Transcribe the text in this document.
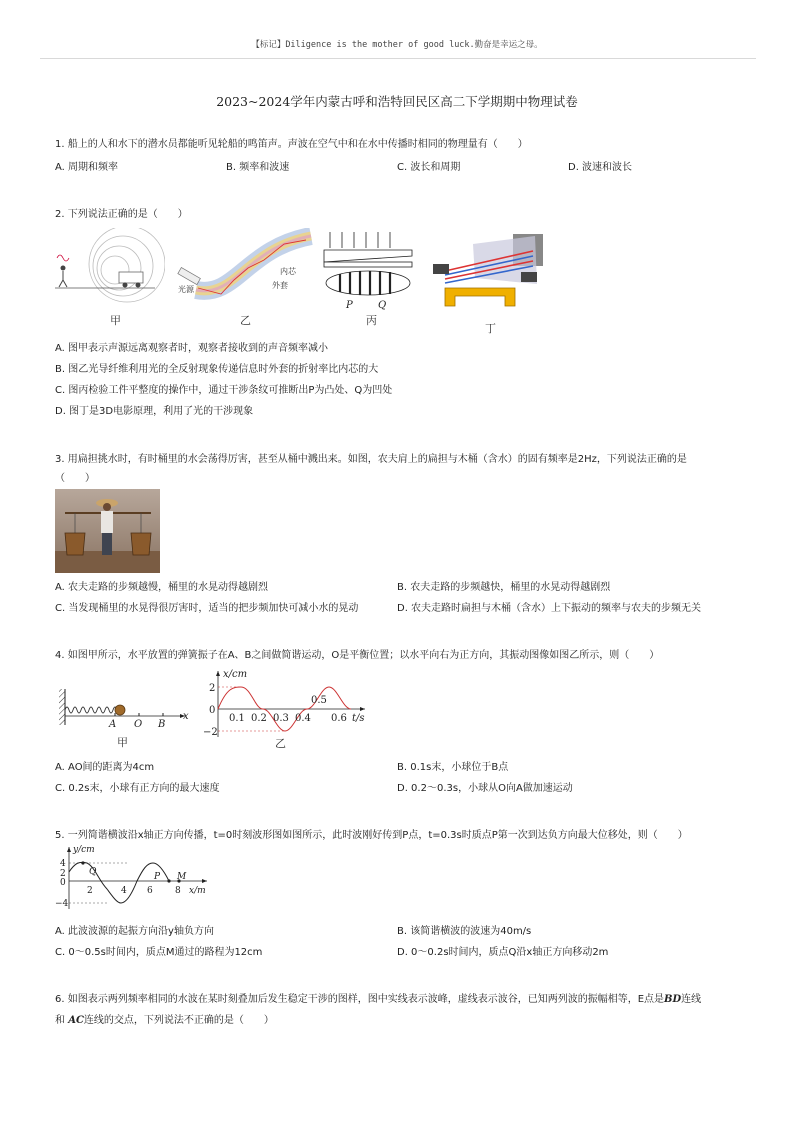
【标记】Diligence is the mother of good luck.勤奋是幸运之母。
2023~2024学年内蒙古呼和浩特回民区高二下学期期中物理试卷
1. 船上的人和水下的潜水员都能听见轮船的鸣笛声。声波在空气中和在水中传播时相同的物理量有（　　）
A. 周期和频率	B. 频率和波速	C. 波长和周期	D. 波速和波长
2. 下列说法正确的是（　　）
甲
光源
内芯
外套
乙
P	Q
丙
丁
A. 图甲表示声源远离观察者时，观察者接收到的声音频率减小
B. 图乙光导纤维利用光的全反射现象传递信息时外套的折射率比内芯的大
C. 图丙检验工件平整度的操作中，通过干涉条纹可推断出P为凸处、Q为凹处
D. 图丁是3D电影原理，利用了光的干涉现象
3. 用扁担挑水时，有时桶里的水会荡得厉害，甚至从桶中溅出来。如图，农夫肩上的扁担与木桶（含水）的固有频率是2Hz，下列说法正确的是
（　　）
A. 农夫走路的步频越慢，桶里的水晃动得越剧烈	B. 农夫走路的步频越快，桶里的水晃动得越剧烈
C. 当发现桶里的水晃得很厉害时，适当的把步频加快可减小水的晃动	D. 农夫走路时扁担与木桶（含水）上下振动的频率与农夫的步频无关
4. 如图甲所示，水平放置的弹簧振子在A、B之间做简谐运动，O是平衡位置；以水平向右为正方向，其振动图像如图乙所示，则（　　）
A O B
x
甲
x/cm
2
0
−2
0.1 0.2 0.3 0.4
0.5
0.6 t/s
乙
A. AO间的距离为4cm	B. 0.1s末，小球位于B点
C. 0.2s末，小球有正方向的最大速度	D. 0.2～0.3s，小球从O向A做加速运动
5. 一列简谐横波沿x轴正方向传播，t=0时刻波形图如图所示，此时波刚好传到P点，t=0.3s时质点P第一次到达负方向最大位移处，则（　　）
y/cm
4
2
0
−4
2	4 6 8 x/m
Q	P M
A. 此波波源的起振方向沿y轴负方向	B. 该简谐横波的波速为40m/s
C. 0～0.5s时间内，质点M通过的路程为12cm	D. 0～0.2s时间内，质点Q沿x轴正方向移动2m
6. 如图表示两列频率相同的水波在某时刻叠加后发生稳定干涉的图样，图中实线表示波峰，虚线表示波谷，已知两列波的振幅相等，E点是BD连线
和 AC连线的交点，下列说法不正确的是（　　）
